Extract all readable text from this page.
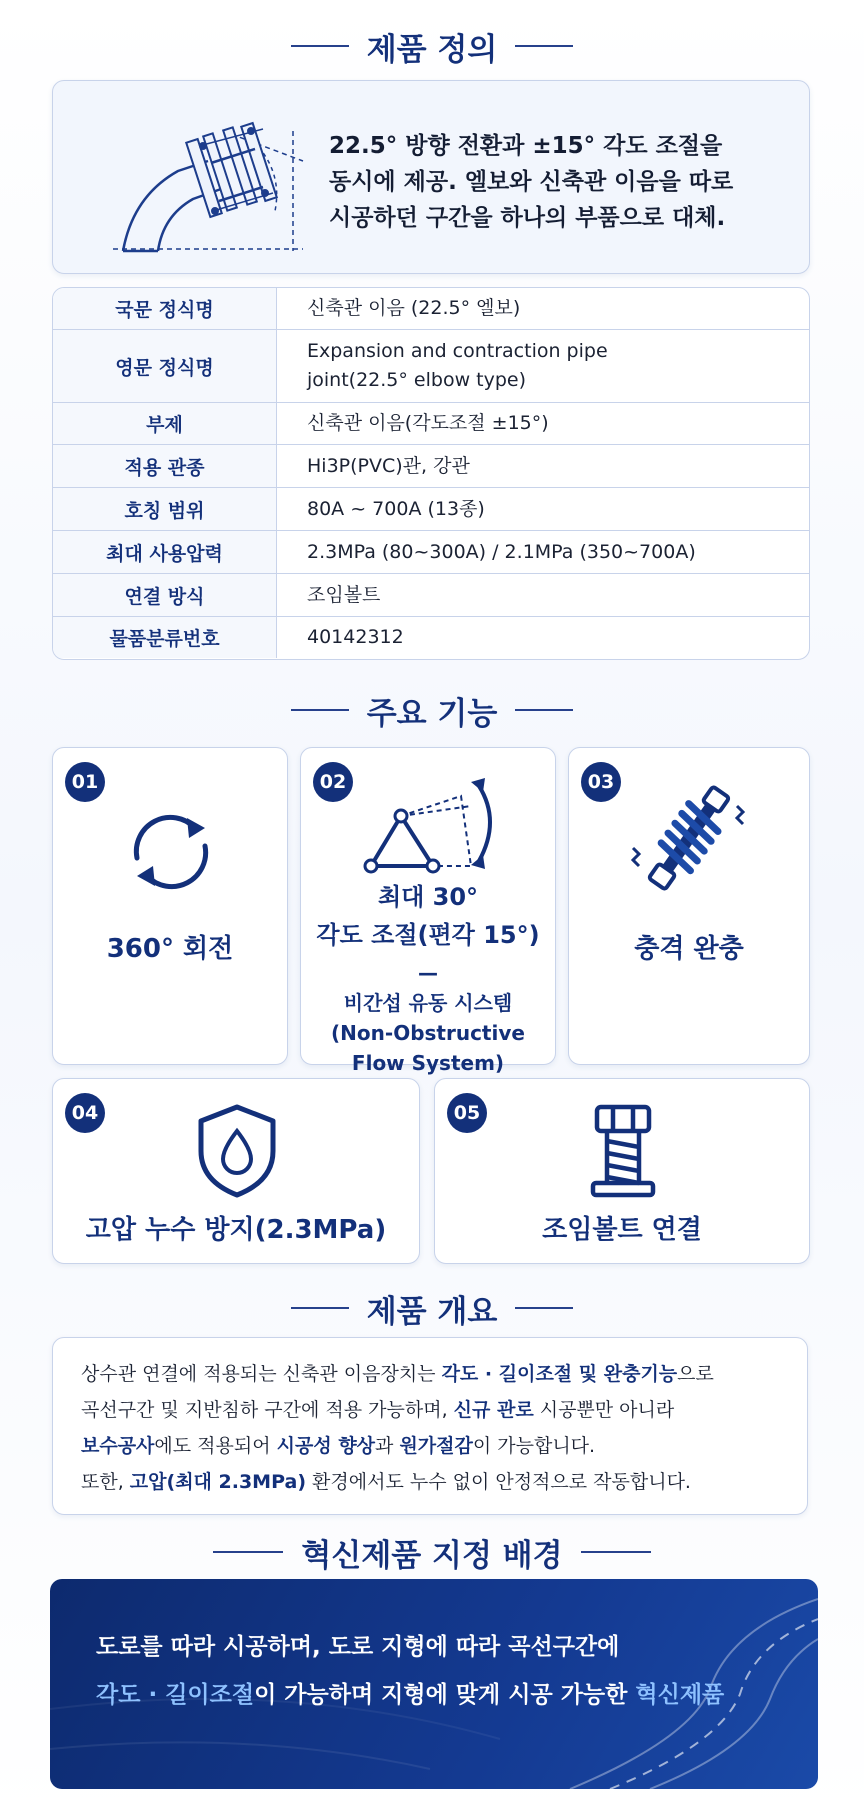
제품 정의
22.5° 방향 전환과 ±15° 각도 조절을
동시에 제공. 엘보와 신축관 이음을 따로
시공하던 구간을 하나의 부품으로 대체.
국문 정식명	신축관 이음 (22.5° 엘보)
영문 정식명
Expansion and contraction pipe
joint(22.5° elbow type)
부제	신축관 이음(각도조절 ±15°)
적용 관종	Hi3P(PVC)관, 강관
호칭 범위	80A ~ 700A (13종)
최대 사용압력	2.3MPa (80~300A) / 2.1MPa (350~700A)
연결 방식	조임볼트
물품분류번호	40142312
주요 기능
01
360° 회전
02
최대 30°
각도 조절(편각 15°)
—
비간섭 유동 시스템
(Non-Obstructive
Flow System)
03
충격 완충
04
고압 누수 방지(2.3MPa)
05
조임볼트 연결
제품 개요
상수관 연결에 적용되는 신축관 이음장치는 각도 · 길이조절 및 완충기능으로
곡선구간 및 지반침하 구간에 적용 가능하며, 신규 관로 시공뿐만 아니라
보수공사에도 적용되어 시공성 향상과 원가절감이 가능합니다.
또한, 고압(최대 2.3MPa) 환경에서도 누수 없이 안정적으로 작동합니다.
혁신제품 지정 배경
도로를 따라 시공하며, 도로 지형에 따라 곡선구간에
각도 · 길이조절이 가능하며 지형에 맞게 시공 가능한 혁신제품
